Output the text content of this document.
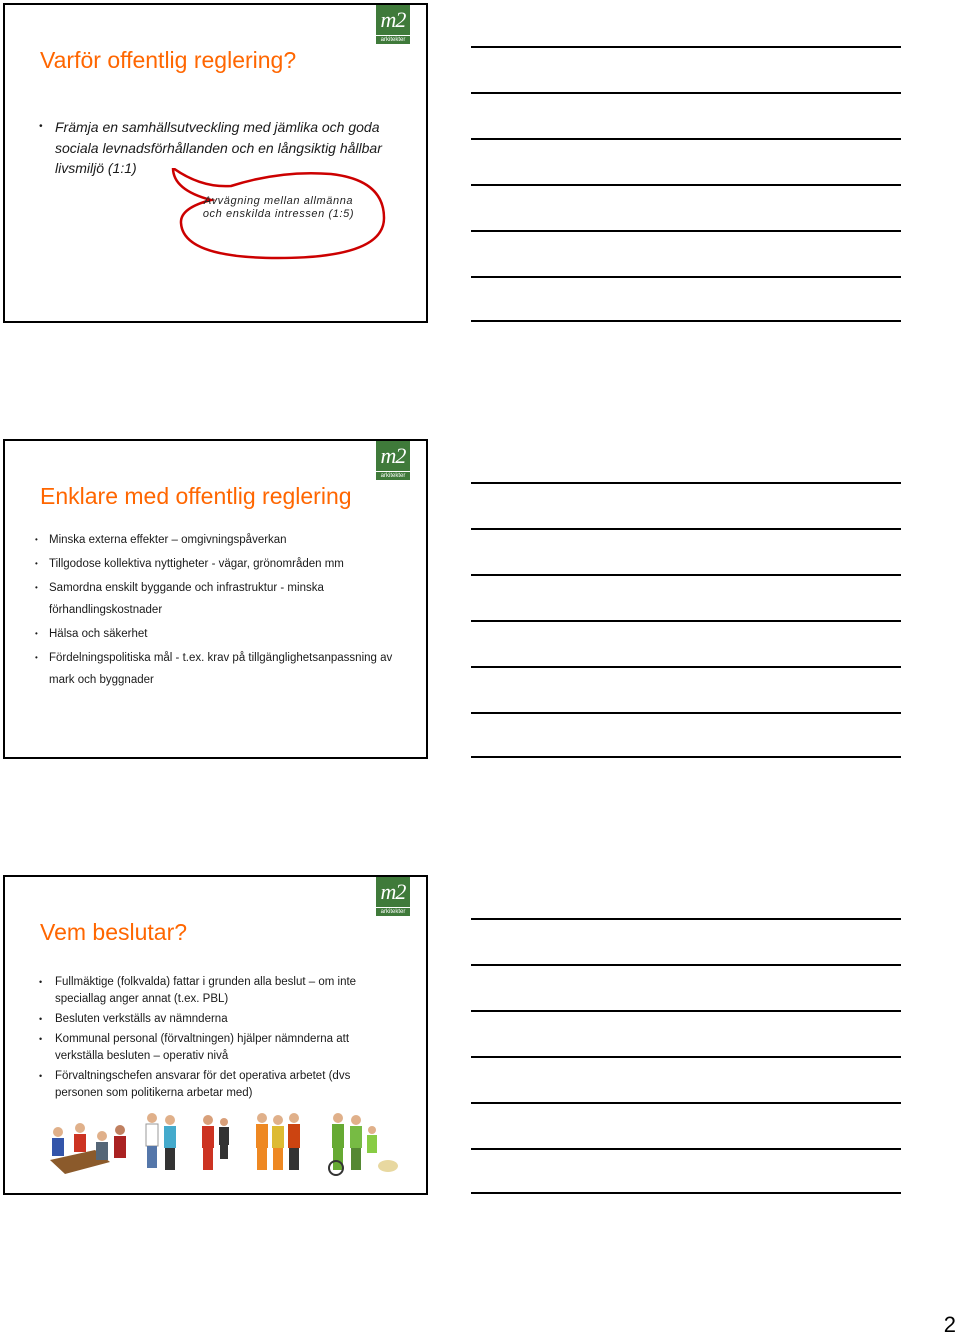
m2
arkitekter
Varför offentlig reglering?
• Främja en samhällsutveckling med jämlika och goda sociala levnadsförhållanden och en långsiktig hållbar livsmiljö (1:1)
Avvägning mellan allmänna och enskilda intressen (1:5)
m2
arkitekter
Enklare med offentlig reglering
• Minska externa effekter – omgivningspåverkan
• Tillgodose kollektiva nyttigheter - vägar, grönområden mm
• Samordna enskilt byggande och infrastruktur - minska förhandlingskostnader
• Hälsa och säkerhet
• Fördelningspolitiska mål - t.ex. krav på tillgänglighetsanpassning av mark och byggnader
m2
arkitekter
Vem beslutar?
• Fullmäktige (folkvalda) fattar i grunden alla beslut – om inte speciallag anger annat (t.ex. PBL)
• Besluten verkställs av nämnderna
• Kommunal personal (förvaltningen) hjälper nämnderna att verkställa besluten – operativ nivå
• Förvaltningschefen ansvarar för det operativa arbetet (dvs personen som politikerna arbetar med)
2
